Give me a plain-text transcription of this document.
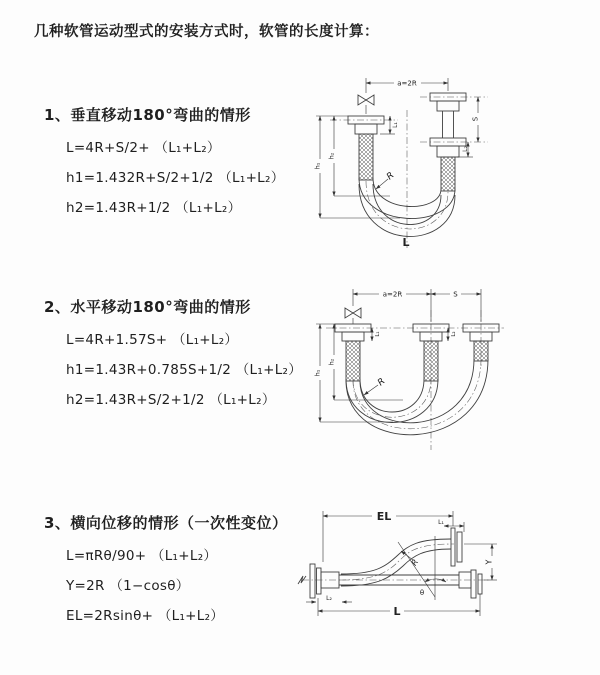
几种软管运动型式的安装方式时，软管的长度计算：
1、垂直移动180°弯曲的情形
L=4R+S/2+ （L₁+L₂）
h1=1.432R+S/2+1/2 （L₁+L₂）
h2=1.43R+1/2 （L₁+L₂）
2、水平移动180°弯曲的情形
L=4R+1.57S+ （L₁+L₂）
h1=1.43R+0.785S+1/2 （L₁+L₂）
h2=1.43R+S/2+1/2 （L₁+L₂）
3、横向位移的情形（一次性变位）
L=πRθ/90+ （L₁+L₂）
Y=2R （1−cosθ）
EL=2Rsinθ+ （L₁+L₂）
a=2R
S
L₂
L₁
h₂
h₁
R
L
a=2R	S
L₁	L₂
h₂
h₁
R
EL	L₁
θ
R	Y
L₂
L
